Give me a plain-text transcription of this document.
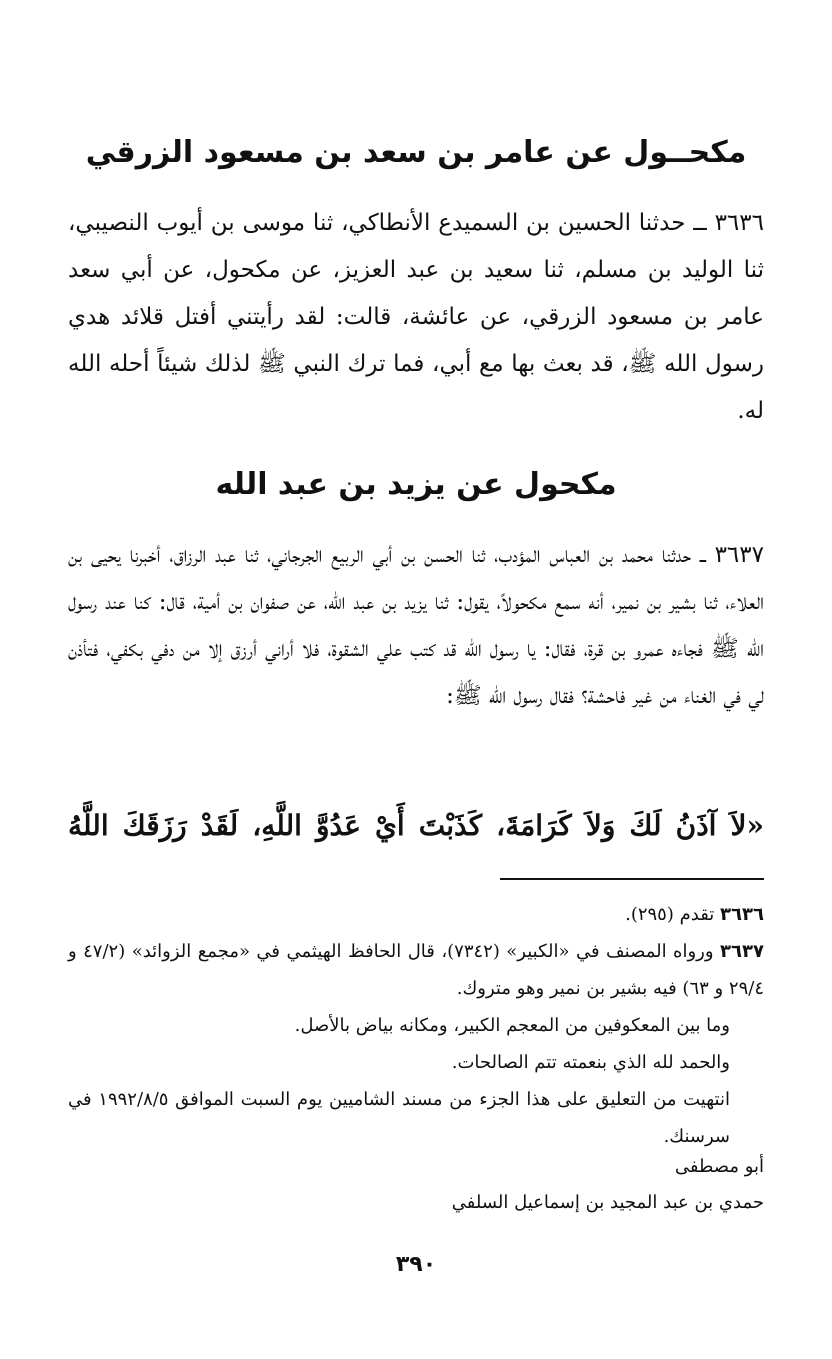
مكحــول عن عامر بن سعد بن مسعود الزرقي

٣٦٣٦ ــ حدثنا الحسين بن السميدع الأنطاكي، ثنا موسى بن أيوب النصيبي، ثنا الوليد بن مسلم، ثنا سعيد بن عبد العزيز، عن مكحول، عن أبي سعد عامر بن مسعود الزرقي، عن عائشة، قالت: لقد رأيتني أفتل قلائد هدي رسول الله ﷺ، قد بعث بها مع أبي، فما ترك النبي ﷺ لذلك شيئاً أحله الله له.

مكحول عن يزيد بن عبد الله

٣٦٣٧ ــ حدثنا محمد بن العباس المؤدب، ثنا الحسن بن أبي الربيع الجرجاني، ثنا عبد الرزاق، أخبرنا يحيى بن العلاء، ثنا بشير بن نمير، أنه سمع مكحولاً، يقول: ثنا يزيد بن عبد الله، عن صفوان بن أمية، قال: كنا عند رسول الله ﷺ فجاءه عمرو بن قرة، فقال: يا رسول الله قد كتب علي الشقوة، فلا أراني أرزق إلا من دفي بكفي، فتأذن لي في الغناء من غير فاحشة؟ فقال رسول الله ﷺ:

«لاَ آذَنُ لَكَ وَلاَ كَرَامَةَ، كَذَبْتَ أَيْ عَدُوَّ اللَّهِ، لَقَدْ رَزَقَكَ اللَّهُ

٣٦٣٦ تقدم (٢٩٥).
٣٦٣٧ ورواه المصنف في «الكبير» (٧٣٤٢)، قال الحافظ الهيثمي في «مجمع الزوائد» (٤٧/٢ و ٢٩/٤ و ٦٣) فيه بشير بن نمير وهو متروك.
وما بين المعكوفين من المعجم الكبير، ومكانه بياض بالأصل.
والحمد لله الذي بنعمته تتم الصالحات.
انتهيت من التعليق على هذا الجزء من مسند الشاميين يوم السبت الموافق ١٩٩٢/٨/٥ في سرسنك.

أبو مصطفى

حمدي بن عبد المجيد بن إسماعيل السلفي

٣٩٠
